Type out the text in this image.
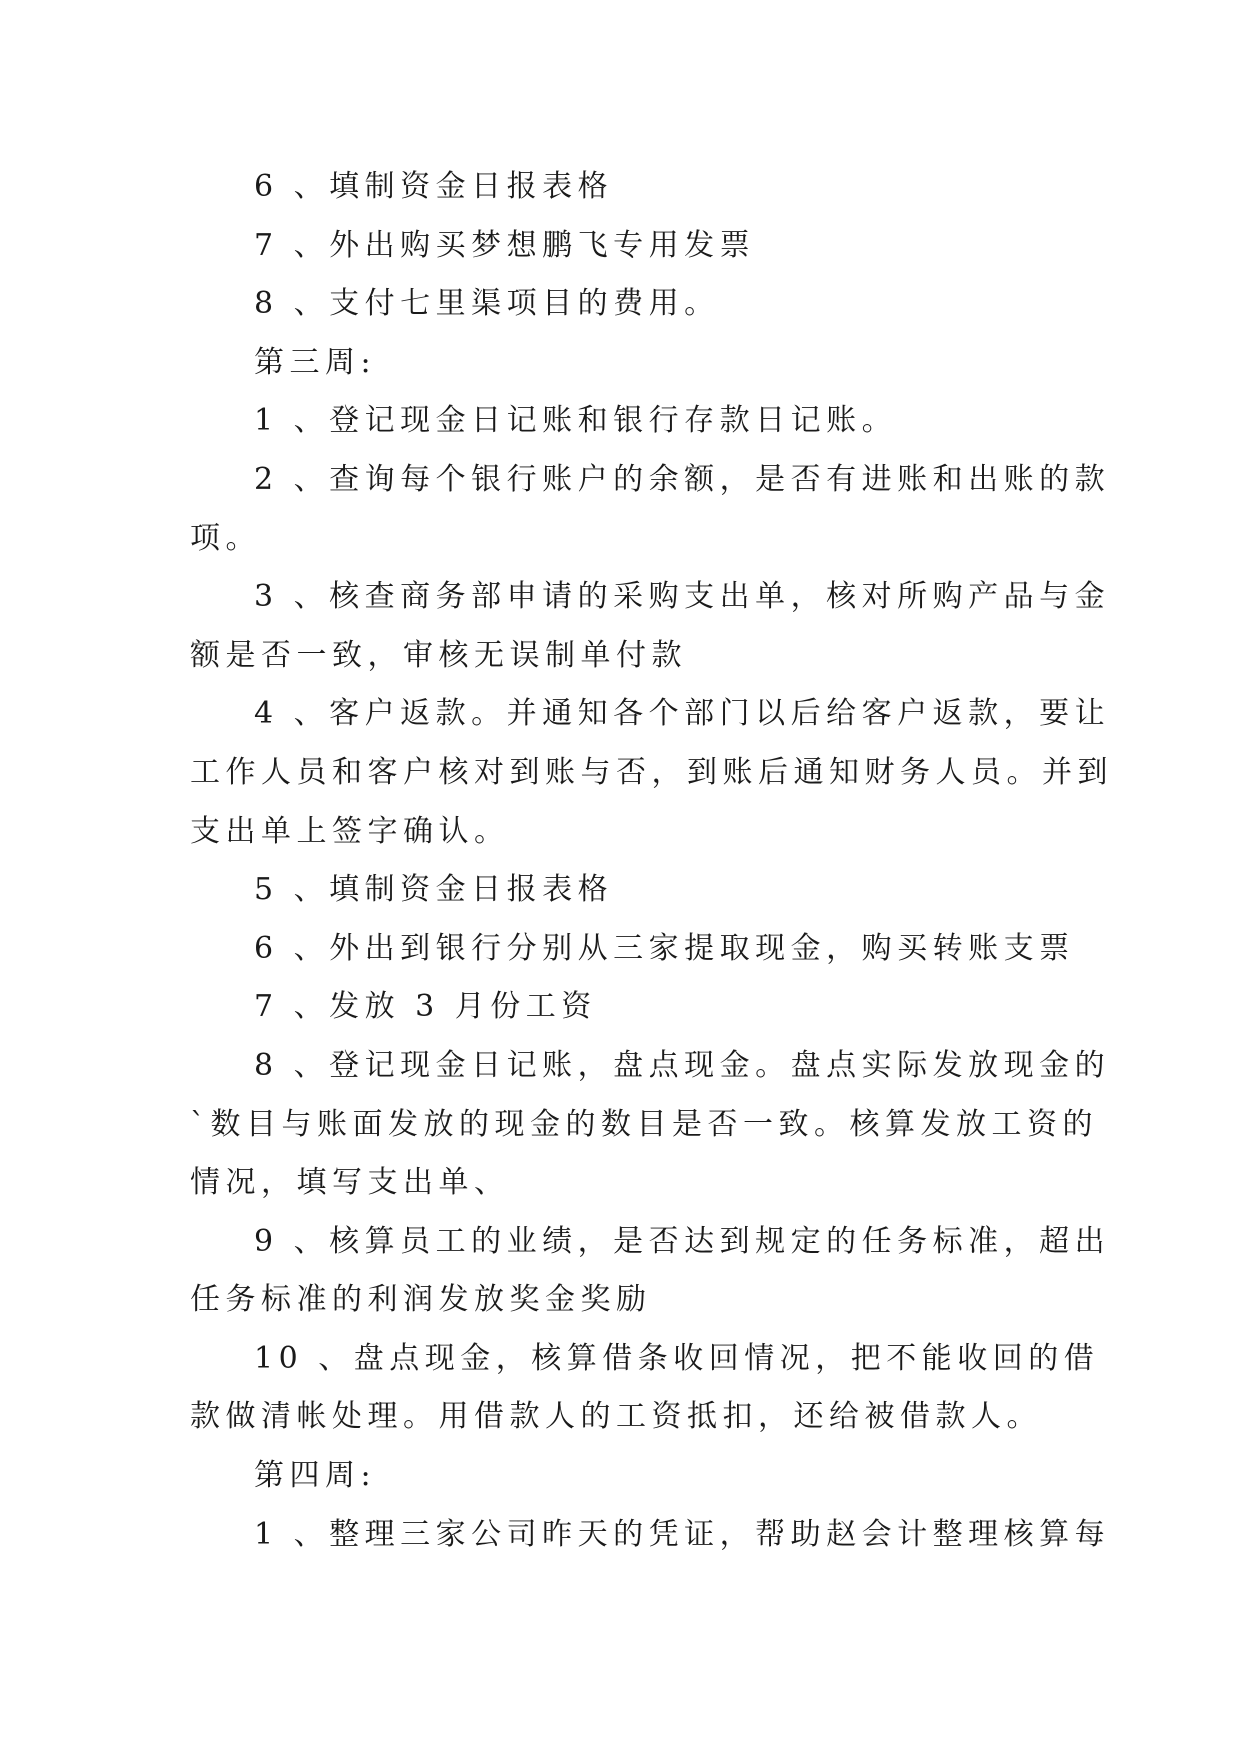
6 、填制资金日报表格

7 、外出购买梦想鹏飞专用发票

8 、支付七里渠项目的费用。

第三周:

1 、登记现金日记账和银行存款日记账。

2 、查询每个银行账户的余额，是否有进账和出账的款

项。

3 、核查商务部申请的采购支出单，核对所购产品与金

额是否一致，审核无误制单付款

4 、客户返款。并通知各个部门以后给客户返款，要让

工作人员和客户核对到账与否，到账后通知财务人员。并到

支出单上签字确认。

5 、填制资金日报表格

6 、外出到银行分别从三家提取现金，购买转账支票

7 、发放 3 月份工资

8 、登记现金日记账，盘点现金。盘点实际发放现金的

`数目与账面发放的现金的数目是否一致。核算发放工资的

情况，填写支出单、

9 、核算员工的业绩，是否达到规定的任务标准，超出

任务标准的利润发放奖金奖励

10 、盘点现金，核算借条收回情况，把不能收回的借

款做清帐处理。用借款人的工资抵扣，还给被借款人。

第四周:

1 、整理三家公司昨天的凭证，帮助赵会计整理核算每
